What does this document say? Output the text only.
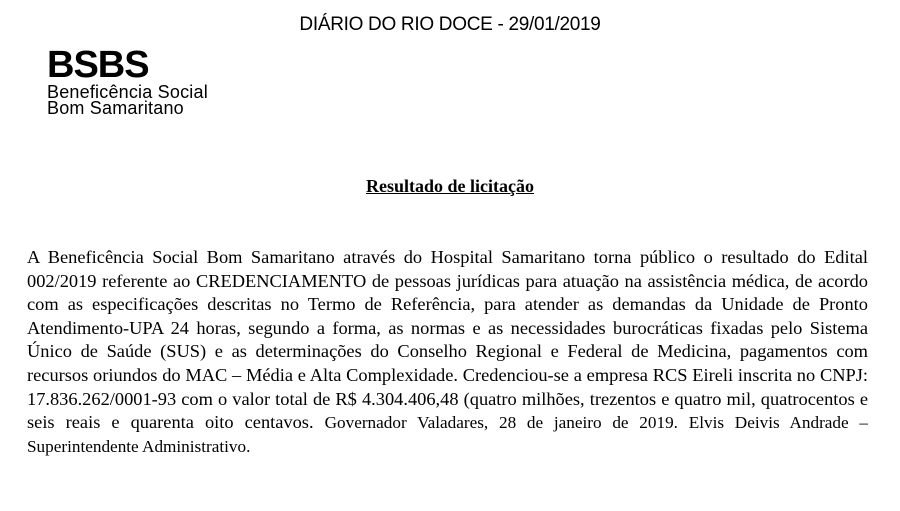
DIÁRIO DO RIO DOCE - 29/01/2019
BSBS
Beneficência Social
Bom Samaritano
Resultado de licitação

A Beneficência Social Bom Samaritano através do Hospital Samaritano torna público o resultado do Edital 002/2019 referente ao CREDENCIAMENTO de pessoas jurídicas para atuação na assistência médica, de acordo com as especificações descritas no Termo de Referência, para atender as demandas da Unidade de Pronto Atendimento-UPA 24 horas, segundo a forma, as normas e as necessidades burocráticas fixadas pelo Sistema Único de Saúde (SUS) e as determinações do Conselho Regional e Federal de Medicina, pagamentos com recursos oriundos do MAC – Média e Alta Complexidade. Credenciou-se a empresa RCS Eireli inscrita no CNPJ: 17.836.262/0001-93 com o valor total de R$ 4.304.406,48 (quatro milhões, trezentos e quatro mil, quatrocentos e seis reais e quarenta oito centavos. Governador Valadares, 28 de janeiro de 2019. Elvis Deivis Andrade – Superintendente Administrativo.
